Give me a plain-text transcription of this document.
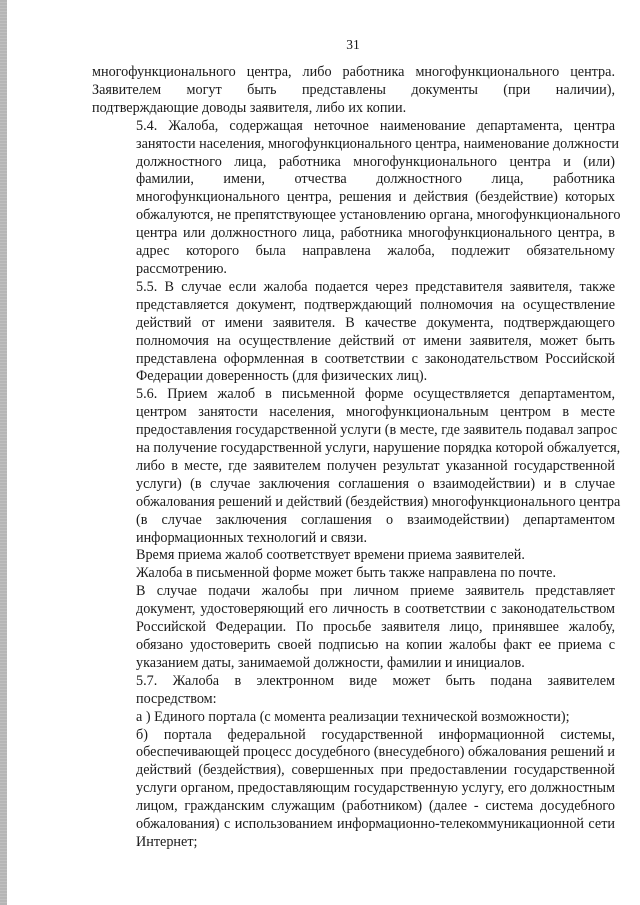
31
многофункционального центра, либо работника многофункционального центра.
Заявителем могут быть представлены документы (при наличии),
подтверждающие доводы заявителя, либо их копии.
5.4. Жалоба, содержащая неточное наименование департамента, центра
занятости населения, многофункционального центра, наименование должности
должностного лица, работника многофункционального центра и (или)
фамилии, имени, отчества должностного лица, работника
многофункционального центра, решения и действия (бездействие) которых
обжалуются, не препятствующее установлению органа, многофункционального
центра или должностного лица, работника многофункционального центра, в
адрес которого была направлена жалоба, подлежит обязательному
рассмотрению.
5.5. В случае если жалоба подается через представителя заявителя, также
представляется документ, подтверждающий полномочия на осуществление
действий от имени заявителя. В качестве документа, подтверждающего
полномочия на осуществление действий от имени заявителя, может быть
представлена оформленная в соответствии с законодательством Российской
Федерации доверенность (для физических лиц).
5.6. Прием жалоб в письменной форме осуществляется департаментом,
центром занятости населения, многофункциональным центром в месте
предоставления государственной услуги (в месте, где заявитель подавал запрос
на получение государственной услуги, нарушение порядка которой обжалуется,
либо в месте, где заявителем получен результат указанной государственной
услуги) (в случае заключения соглашения о взаимодействии) и в случае
обжалования решений и действий (бездействия) многофункционального центра
(в случае заключения соглашения о взаимодействии) департаментом
информационных технологий и связи.
Время приема жалоб соответствует времени приема заявителей.
Жалоба в письменной форме может быть также направлена по почте.
В случае подачи жалобы при личном приеме заявитель представляет
документ, удостоверяющий его личность в соответствии с законодательством
Российской Федерации. По просьбе заявителя лицо, принявшее жалобу,
обязано удостоверить своей подписью на копии жалобы факт ее приема с
указанием даты, занимаемой должности, фамилии и инициалов.
5.7. Жалоба в электронном виде может быть подана заявителем
посредством:
а ) Единого портала (с момента реализации технической возможности);
б) портала федеральной государственной информационной системы,
обеспечивающей процесс досудебного (внесудебного) обжалования решений и
действий (бездействия), совершенных при предоставлении государственной
услуги органом, предоставляющим государственную услугу, его должностным
лицом, гражданским служащим (работником) (далее - система досудебного
обжалования) с использованием информационно-телекоммуникационной сети
Интернет;
